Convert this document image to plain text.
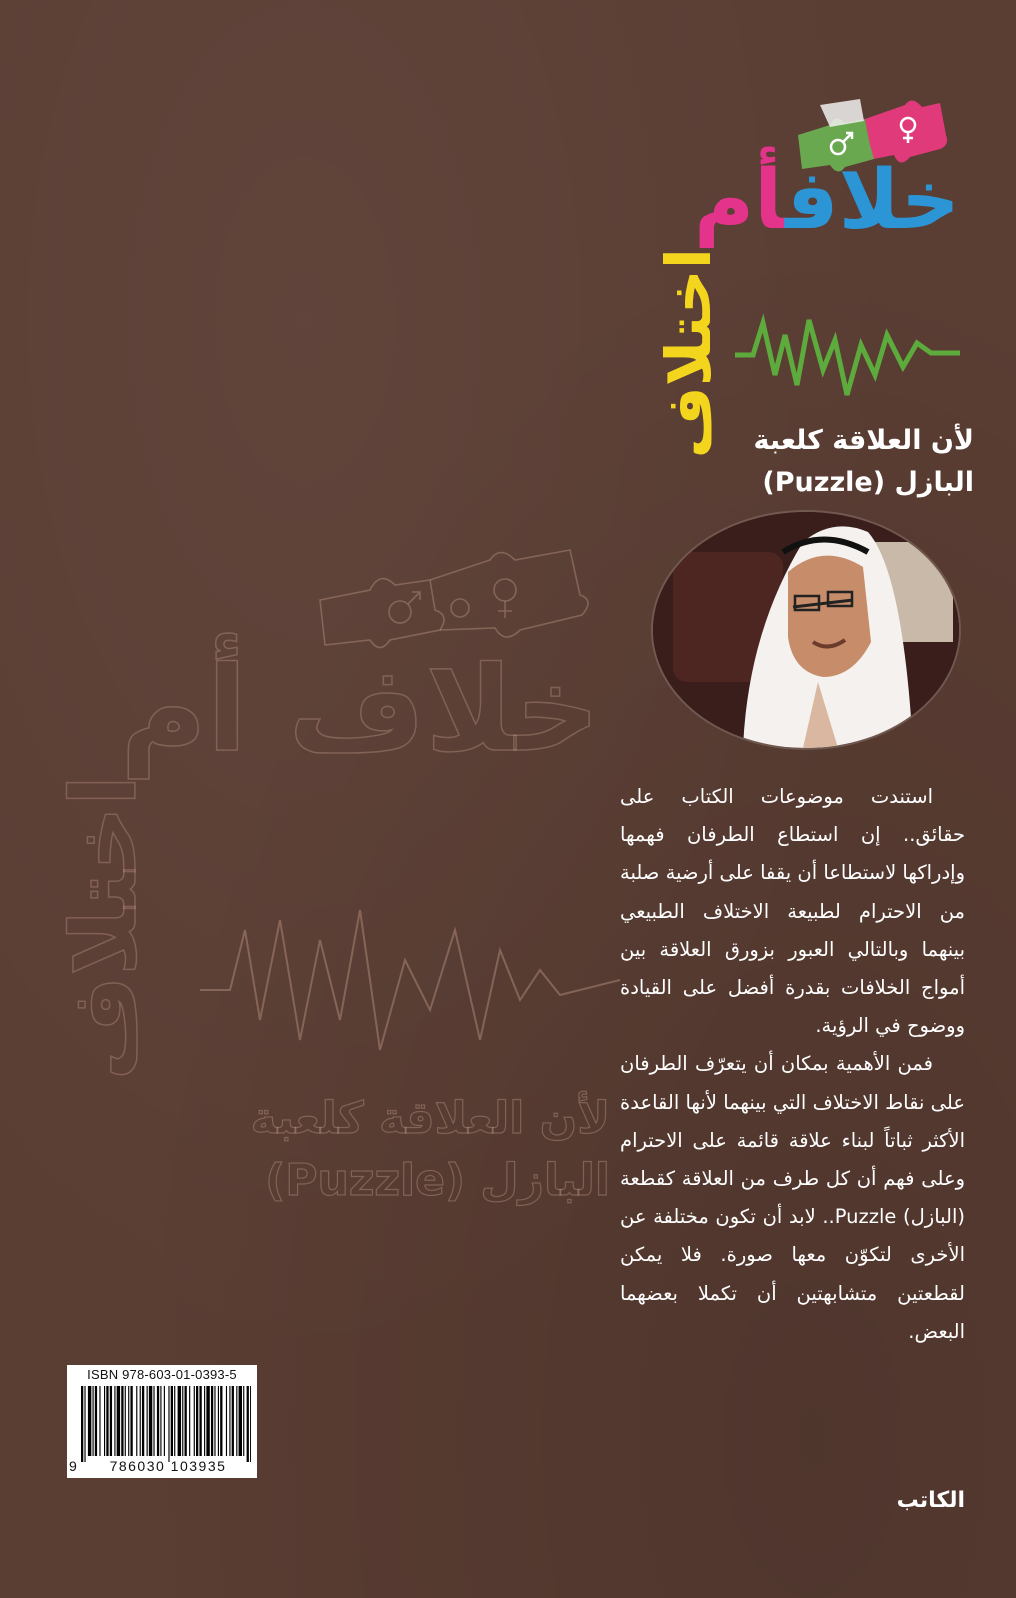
خلاف أم
اختلاف
لأن العلاقة كلعبة
البازل (Puzzle)
خلافأم
اختلاف	لأن العلاقة كلعبة
البازل (Puzzle)

استندت موضوعات الكتاب على حقائق.. إن استطاع الطرفان فهمها وإدراكها لاستطاعا أن يقفا على أرضية صلبة من الاحترام لطبيعة الاختلاف الطبيعي بينهما وبالتالي العبور بزورق العلاقة بين أمواج الخلافات بقدرة أفضل على القيادة ووضوح في الرؤية.

فمن الأهمية بمكان أن يتعرّف الطرفان على نقاط الاختلاف التي بينهما لأنها القاعدة الأكثر ثباتاً لبناء علاقة قائمة على الاحترام وعلى فهم أن كل طرف من العلاقة كقطعة (البازل) Puzzle.. لابد أن تكون مختلفة عن الأخرى لتكوّن معها صورة. فلا يمكن لقطعتين متشابهتين أن تكملا بعضهما البعض.

الكاتب
ISBN 978-603-01-0393-5
9	786030 103935
